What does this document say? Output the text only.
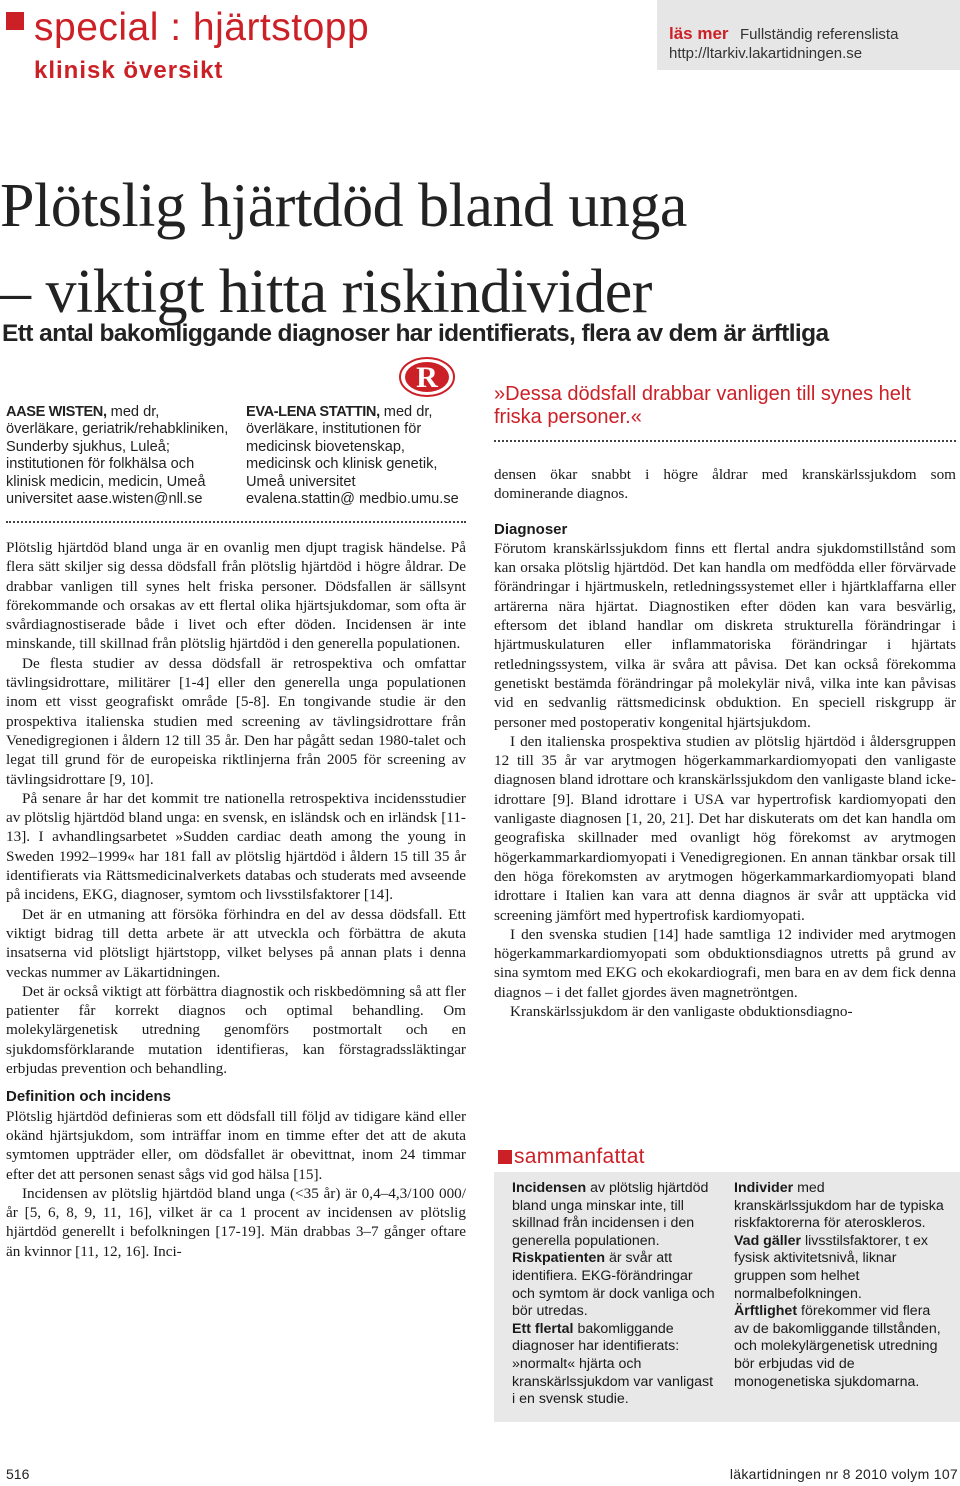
special : hjärtstopp
klinisk översikt
läs mer Fullständig referenslista
http://ltarkiv.lakartidningen.se
Plötslig hjärtdöd bland unga

– viktigt hitta riskindivider
Ett antal bakomliggande diagnoser har identifierats, flera av dem är ärftliga
AASE WISTEN, med dr, överläkare, geriatrik/rehabkliniken, Sunderby sjukhus, Luleå; institutionen för folkhälsa och klinisk medicin, medicin, Umeå universitet aase.wisten@nll.se
EVA-LENA STATTIN, med dr, överläkare, institutionen för medicinsk biovetenskap, medicinsk och klinisk genetik, Umeå universitet evalena.stattin@ medbio.umu.se
R

Plötslig hjärtdöd bland unga är en ovanlig men djupt tragisk händelse. På flera sätt skiljer sig dessa dödsfall från plötslig hjärtdöd i högre åldrar. De drabbar vanligen till synes helt friska personer. Dödsfallen är sällsynt förekommande och orsakas av ett flertal olika hjärtsjukdomar, som ofta är svårdiagnostiserade både i livet och efter döden. Incidensen är inte minskande, till skillnad från plötslig hjärtdöd i den generella populationen.

De flesta studier av dessa dödsfall är retrospektiva och omfattar tävlingsidrottare, militärer [1-4] eller den generella unga populationen inom ett visst geografiskt område [5-8]. En tongivande studie är den prospektiva italienska studien med screening av tävlingsidrottare från Venedigregionen i åldern 12 till 35 år. Den har pågått sedan 1980-talet och legat till grund för de europeiska riktlinjerna från 2005 för screening av tävlingsidrottare [9, 10].

På senare år har det kommit tre nationella retrospektiva incidensstudier av plötslig hjärtdöd bland unga: en svensk, en isländsk och en irländsk [11-13]. I avhandlingsarbetet »Sudden cardiac death among the young in Sweden 1992–1999« har 181 fall av plötslig hjärtdöd i åldern 15 till 35 år identifierats via Rättsmedicinalverkets databas och studerats med avseende på incidens, EKG, diagnoser, symtom och livsstilsfaktorer [14].

Det är en utmaning att försöka förhindra en del av dessa dödsfall. Ett viktigt bidrag till detta arbete är att utveckla och förbättra de akuta insatserna vid plötsligt hjärtstopp, vilket belyses på annan plats i denna veckas nummer av Läkartidningen.

Det är också viktigt att förbättra diagnostik och riskbedömning så att fler patienter får korrekt diagnos och optimal behandling. Om molekylärgenetisk utredning genomförs postmortalt och en sjukdomsförklarande mutation identifieras, kan förstagradssläktingar erbjudas prevention och behandling.

Definition och incidens

Plötslig hjärtdöd definieras som ett dödsfall till följd av tidigare känd eller okänd hjärtsjukdom, som inträffar inom en timme efter det att de akuta symtomen uppträder eller, om dödsfallet är obevittnat, inom 24 timmar efter det att personen senast sågs vid god hälsa [15].

Incidensen av plötslig hjärtdöd bland unga (<35 år) är 0,4–4,3/100 000/år [5, 6, 8, 9, 11, 16], vilket är ca 1 procent av incidensen av plötslig hjärtdöd generellt i befolkningen [17-19]. Män drabbas 3–7 gånger oftare än kvinnor [11, 12, 16]. Inci-

»Dessa dödsfall drabbar vanligen till synes helt friska personer.«

densen ökar snabbt i högre åldrar med kranskärlssjukdom som dominerande diagnos.

Diagnoser

Förutom kranskärlssjukdom finns ett flertal andra sjukdomstillstånd som kan orsaka plötslig hjärtdöd. Det kan handla om medfödda eller förvärvade förändringar i hjärtmuskeln, retledningssystemet eller i hjärtklaffarna eller artärerna nära hjärtat. Diagnostiken efter döden kan vara besvärlig, eftersom det ibland handlar om diskreta strukturella förändringar i hjärtmuskulaturen eller inflammatoriska förändringar i hjärtats retledningssystem, vilka är svåra att påvisa. Det kan också förekomma genetiskt bestämda förändringar på molekylär nivå, vilka inte kan påvisas vid en sedvanlig rättsmedicinsk obduktion. En speciell riskgrupp är personer med postoperativ kongenital hjärtsjukdom.

I den italienska prospektiva studien av plötslig hjärtdöd i åldersgruppen 12 till 35 år var arytmogen högerkammarkardiomyopati den vanligaste diagnosen bland idrottare och kranskärlssjukdom den vanligaste bland icke-idrottare [9]. Bland idrottare i USA var hypertrofisk kardiomyopati den vanligaste diagnosen [1, 20, 21]. Det har diskuterats om det kan handla om geografiska skillnader med ovanligt hög förekomst av arytmogen högerkammarkardiomyopati i Venedigregionen. En annan tänkbar orsak till den höga förekomsten av arytmogen högerkammarkardiomyopati bland idrottare i Italien kan vara att denna diagnos är svår att upptäcka vid screening jämfört med hypertrofisk kardiomyopati.

I den svenska studien [14] hade samtliga 12 individer med arytmogen högerkammarkardiomyopati som obduktionsdiagnos utretts på grund av sina symtom med EKG och ekokardiografi, men bara en av dem fick denna diagnos – i det fallet gjordes även magnetröntgen.

Kranskärlssjukdom är den vanligaste obduktionsdiagno-

sammanfattat

Incidensen av plötslig hjärtdöd bland unga minskar inte, till skillnad från incidensen i den generella populationen.

Riskpatienten är svår att identifiera. EKG-förändringar och symtom är dock vanliga och bör utredas.

Ett flertal bakomliggande diagnoser har identifierats: »normalt« hjärta och kranskärlssjukdom var vanligast i en svensk studie.

Individer med kranskärlssjukdom har de typiska riskfaktorerna för ateroskleros.

Vad gäller livsstilsfaktorer, t ex fysisk aktivitetsnivå, liknar gruppen som helhet normalbefolkningen.

Ärftlighet förekommer vid flera av de bakomliggande tillstånden, och molekylärgenetisk utredning bör erbjudas vid de monogenetiska sjukdomarna.

516	läkartidningen nr 8 2010 volym 107
